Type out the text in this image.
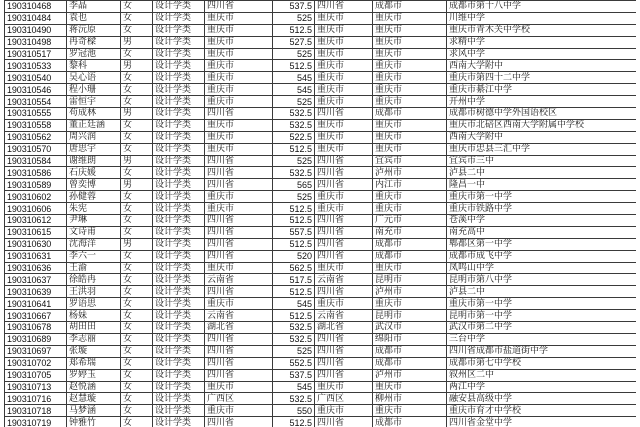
190310468	李晶	女	设计学类	四川省	537.5	四川省	成都市	成都市第十八中学
190310484	袁也	女	设计学类	重庆市	525	重庆市	重庆市	川维中学
190310490	蒋沅原	女	设计学类	重庆市	512.5	重庆市	重庆市	重庆市青木关中学校
190310498	冉奇樑	男	设计学类	重庆市	527.5	重庆市	重庆市	求精中学
190310517	罗冠池	女	设计学类	重庆市	525	重庆市	重庆市	求风中学
190310533	黎科	男	设计学类	重庆市	512.5	重庆市	重庆市	西南大学附中
190310540	吴心语	女	设计学类	重庆市	545	重庆市	重庆市	重庆市第四十二中学
190310546	程小珊	女	设计学类	重庆市	545	重庆市	重庆市	重庆市綦江中学
190310554	雷恒宇	女	设计学类	重庆市	525	重庆市	重庆市	开州中学
190310555	苟成林	男	设计学类	四川省	532.5	四川省	成都市	成都市树德中学外国语校区
190310558	董正廷涵	女	设计学类	重庆市	532.5	重庆市	重庆市	重庆市北碚区西南大学附属中学校
190310562	周兴润	女	设计学类	重庆市	522.5	重庆市	重庆市	西南大学附中
190310570	唐思宇	女	设计学类	重庆市	512.5	重庆市	重庆市	重庆市忠县三汇中学
190310584	谢维朗	男	设计学类	四川省	525	四川省	宜宾市	宜宾市三中
190310586	石庆媛	女	设计学类	四川省	532.5	四川省	泸州市	泸县二中
190310589	曾奕博	男	设计学类	四川省	565	四川省	内江市	隆昌一中
190310602	孙健蓉	女	设计学类	重庆市	525	重庆市	重庆市	重庆市第一中学
190310606	朱宪	女	设计学类	重庆市	512.5	重庆市	重庆市	重庆市铁路中学
190310612	尹琳	女	设计学类	四川省	512.5	四川省	广元市	苍溪中学
190310615	文诗甫	女	设计学类	四川省	557.5	四川省	南充市	南充高中
190310630	沈海洋	男	设计学类	四川省	512.5	四川省	成都市	郫都区第一中学
190310631	李六一	女	设计学类	四川省	520	四川省	成都市	成都市成飞中学
190310636	王渝	女	设计学类	重庆市	562.5	重庆市	重庆市	凤鸣山中学
190310637	徐皓冉	女	设计学类	云南省	517.5	云南省	昆明市	昆明市第八中学
190310639	王洪羽	女	设计学类	四川省	512.5	四川省	泸州市	泸县二中
190310641	罗语思	女	设计学类	重庆市	545	重庆市	重庆市	重庆市第一中学
190310667	杨妹	女	设计学类	云南省	512.5	云南省	昆明市	昆明市第一中学
190310678	胡田田	女	设计学类	湖北省	532.5	湖北省	武汉市	武汉市第二中学
190310689	李志丽	女	设计学类	四川省	532.5	四川省	绵阳市	三台中学
190310697	张璇	女	设计学类	四川省	525	四川省	成都市	四川省成都市盐道街中学
190310702	郑希瑞	女	设计学类	四川省	552.5	四川省	成都市	成都市第七中学校
190310705	罗婷玉	女	设计学类	四川省	537.5	四川省	泸州市	叙州区二中
190310713	赵悦涵	女	设计学类	重庆市	545	重庆市	重庆市	两江中学
190310716	赵慧璇	女	设计学类	广西区	532.5	广西区	柳州市	融安县高级中学
190310718	马梦涵	女	设计学类	重庆市	550	重庆市	重庆市	重庆市育才中学校
190310719	钟雅竹	女	设计学类	四川省	512.5	四川省	成都市	四川省金堂中学
